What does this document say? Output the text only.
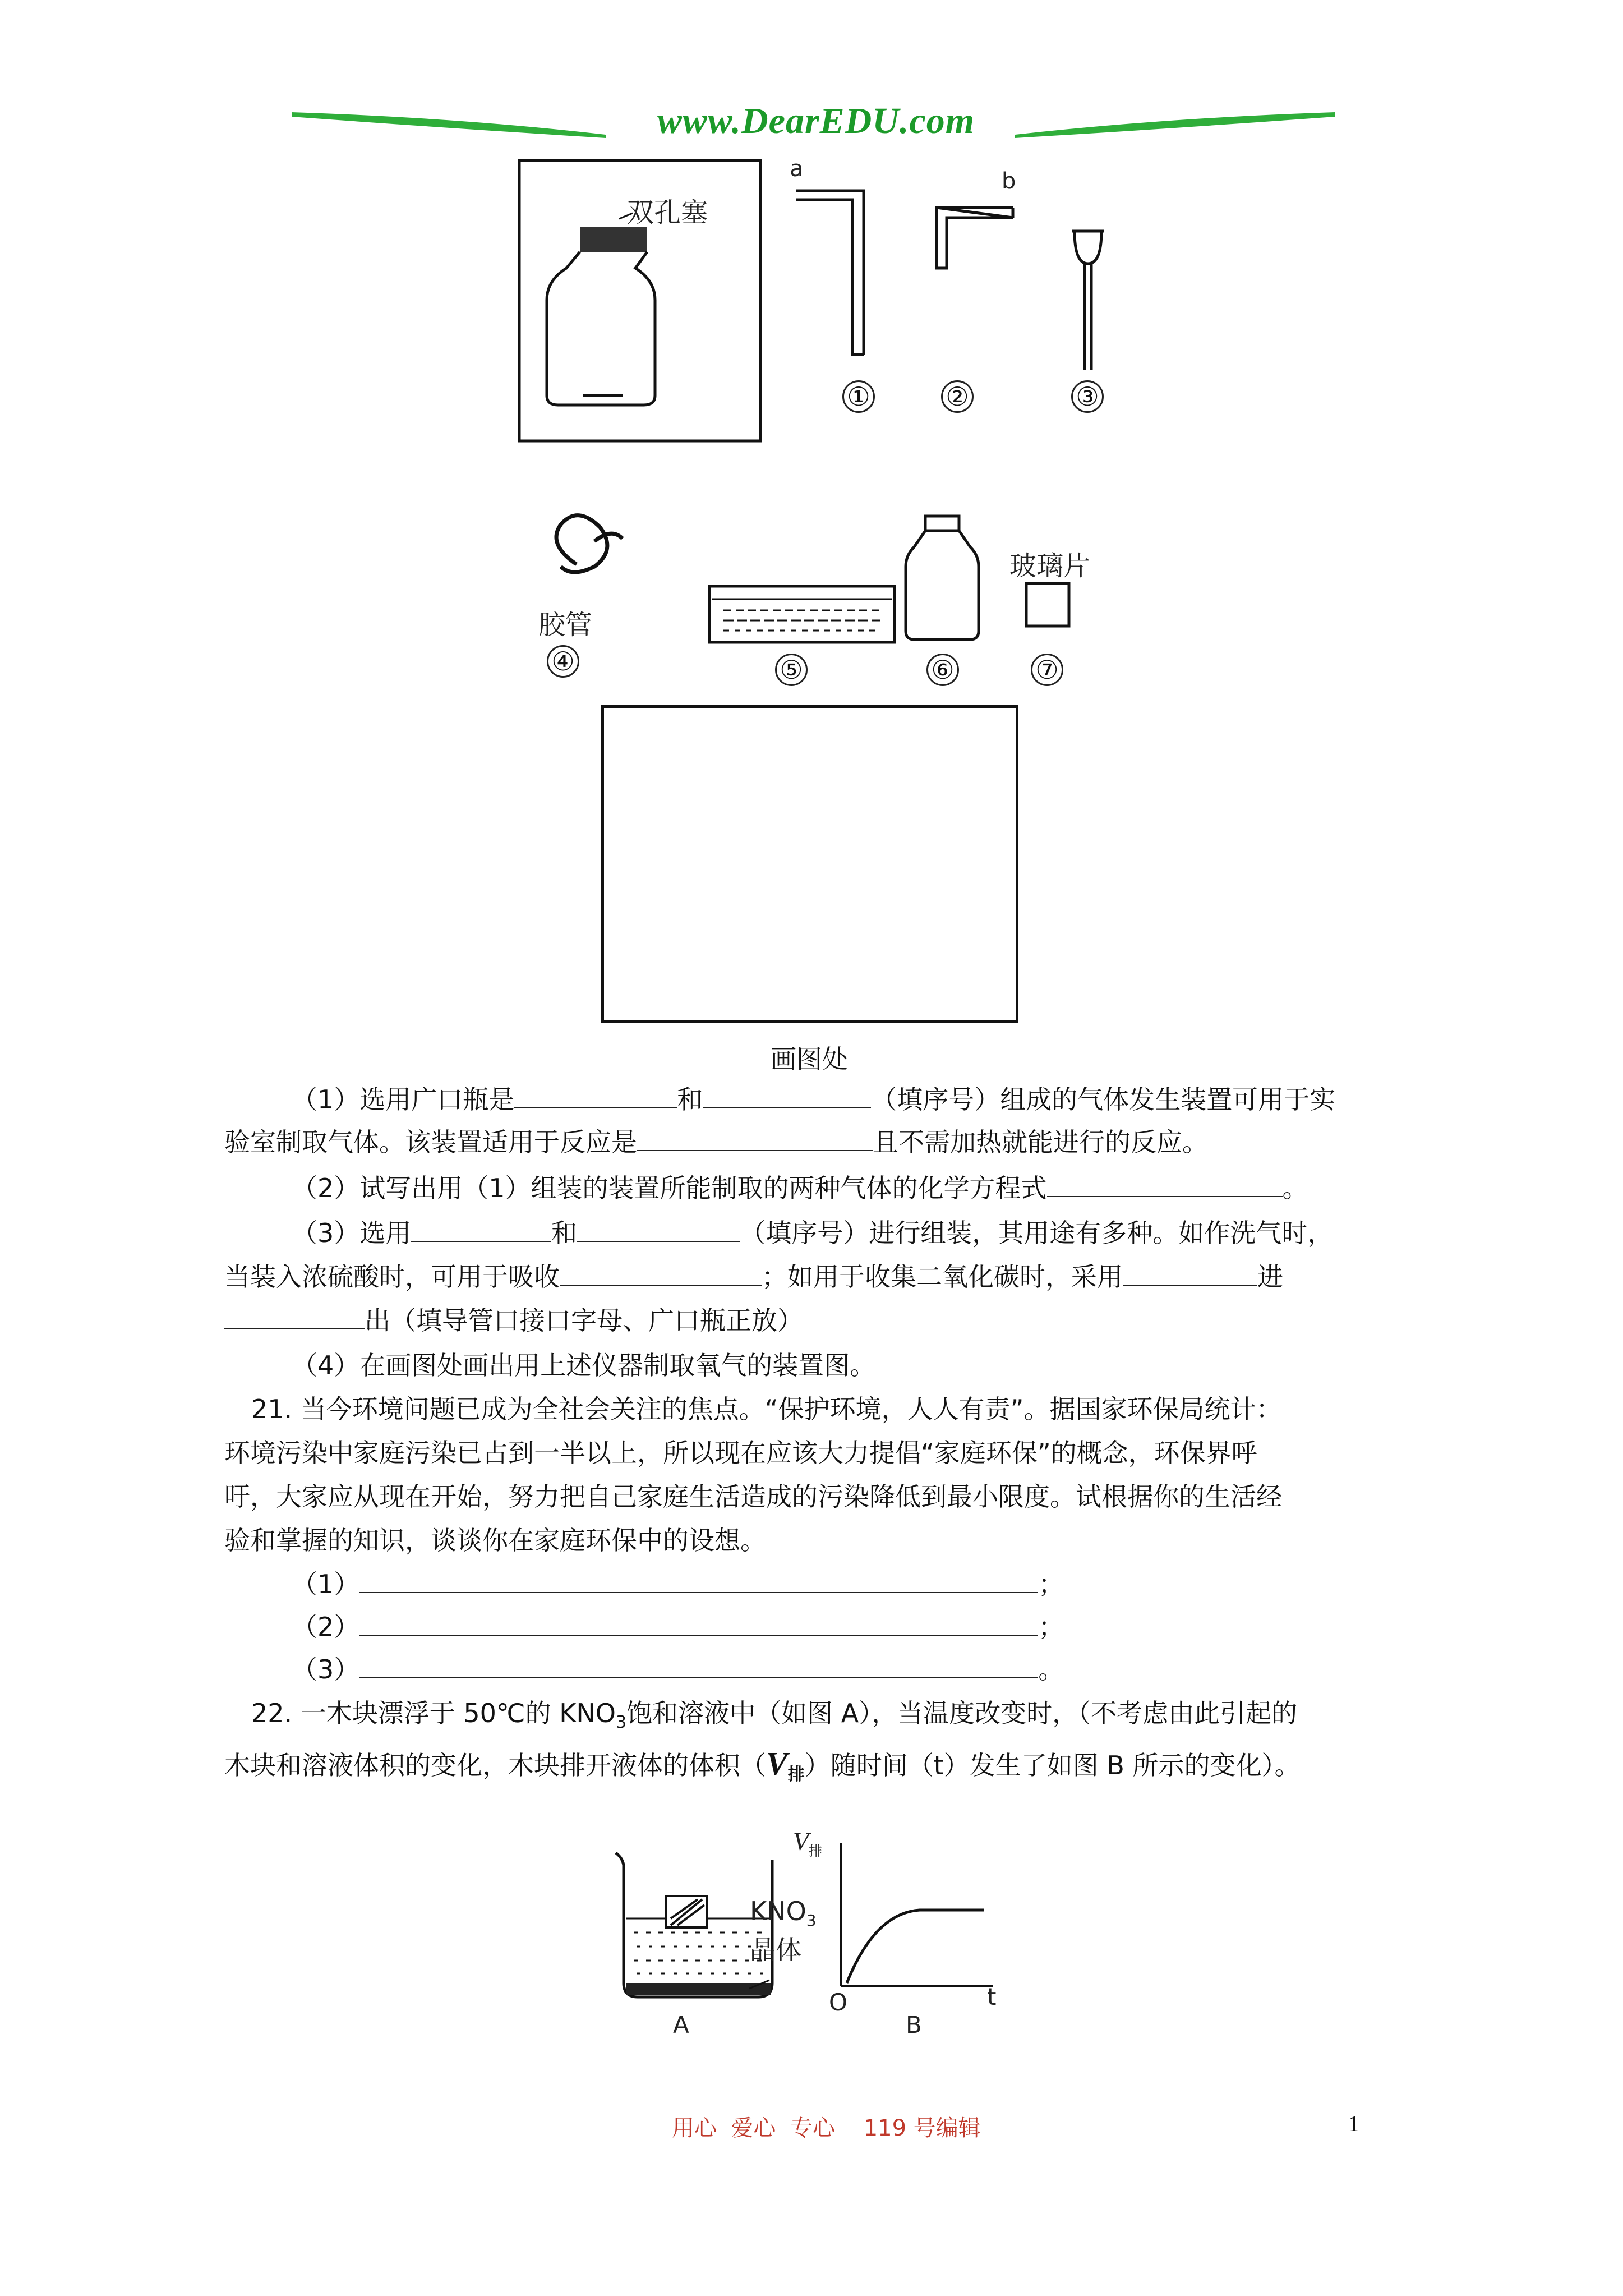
www.DearEDU.com
双孔塞
a	b
胶管
玻璃片
①	②	③
④	⑤	⑥	⑦
画图处
（1）选用广口瓶是	和	（填序号）组成的气体发生装置可用于实
验室制取气体。该装置适用于反应是	且不需加热就能进行的反应。
（2）试写出用（1）组装的装置所能制取的两种气体的化学方程式	。
（3）选用	和	（填序号）进行组装，其用途有多种。如作洗气时，
当装入浓硫酸时，可用于吸收	；如用于收集二氧化碳时，采用	进
出（填导管口接口字母、广口瓶正放）
（4）在画图处画出用上述仪器制取氧气的装置图。
21. 当今环境问题已成为全社会关注的焦点。“保护环境，人人有责”。据国家环保局统计：
环境污染中家庭污染已占到一半以上，所以现在应该大力提倡“家庭环保”的概念，环保界呼
吁，大家应从现在开始，努力把自己家庭生活造成的污染降低到最小限度。试根据你的生活经
验和掌握的知识，谈谈你在家庭环保中的设想。
（1）	；
（2）	；
（3）	。
22. 一木块漂浮于 50℃的 $KNO_3$饱和溶液中（如图 A），当温度改变时，（不考虑由此引起的
木块和溶液体积的变化，木块排开液体的体积$(V_排)$随时间（t）发生了如图 B 所示的变化）。
$KNO_3$
晶体
A	B
$V_排$
O	t
用心  爱心  专心    119 号编辑	1
